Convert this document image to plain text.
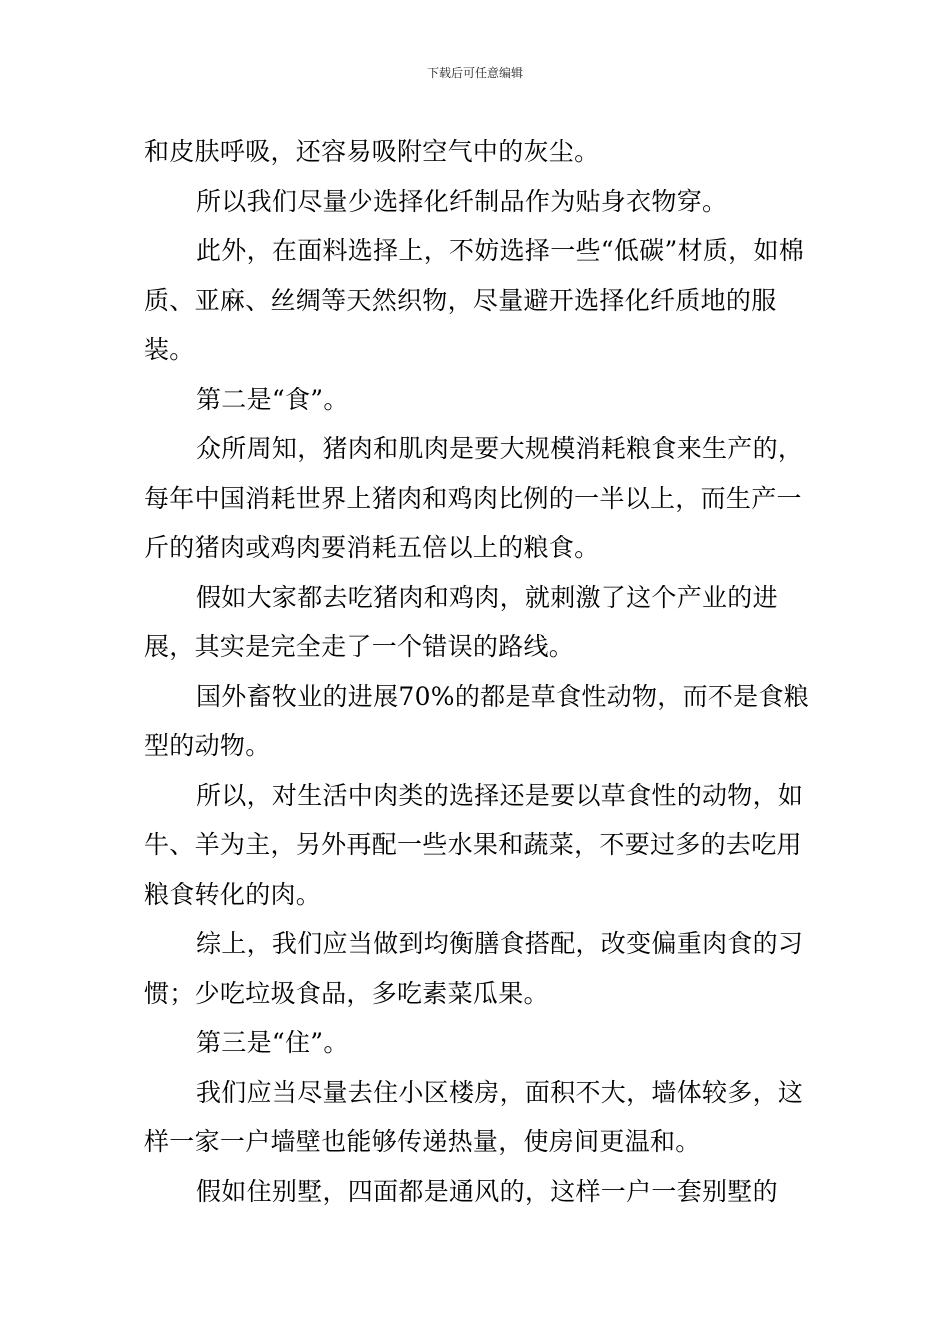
下载后可任意编辑

和皮肤呼吸，还容易吸附空气中的灰尘。

所以我们尽量少选择化纤制品作为贴身衣物穿。

此外，在面料选择上，不妨选择一些“低碳”材质，如棉质、亚麻、丝绸等天然织物，尽量避开选择化纤质地的服装。

第二是“食”。

众所周知，猪肉和肌肉是要大规模消耗粮食来生产的，每年中国消耗世界上猪肉和鸡肉比例的一半以上，而生产一斤的猪肉或鸡肉要消耗五倍以上的粮食。

假如大家都去吃猪肉和鸡肉，就刺激了这个产业的进展，其实是完全走了一个错误的路线。

国外畜牧业的进展70%的都是草食性动物，而不是食粮型的动物。

所以，对生活中肉类的选择还是要以草食性的动物，如牛、羊为主，另外再配一些水果和蔬菜，不要过多的去吃用粮食转化的肉。

综上，我们应当做到均衡膳食搭配，改变偏重肉食的习惯；少吃垃圾食品，多吃素菜瓜果。

第三是“住”。

我们应当尽量去住小区楼房，面积不大，墙体较多，这样一家一户墙壁也能够传递热量，使房间更温和。

假如住别墅，四面都是通风的，这样一户一套别墅的
